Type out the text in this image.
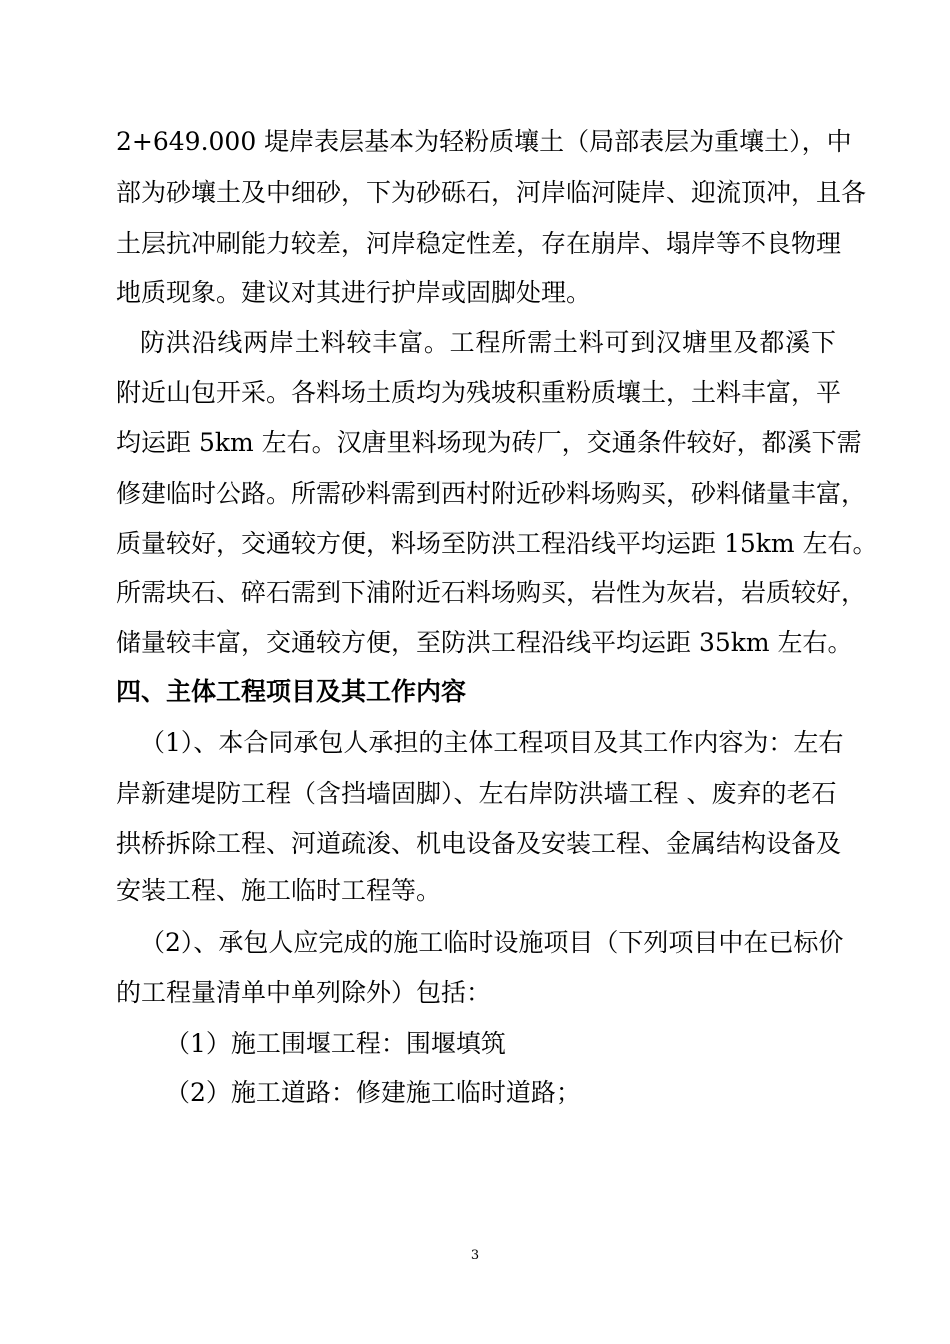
2+649.000 堤岸表层基本为轻粉质壤土（局部表层为重壤土），中
部为砂壤土及中细砂，下为砂砾石，河岸临河陡岸、迎流顶冲，且各
土层抗冲刷能力较差，河岸稳定性差，存在崩岸、塌岸等不良物理
地质现象。建议对其进行护岸或固脚处理。
防洪沿线两岸土料较丰富。工程所需土料可到汉塘里及都溪下
附近山包开采。各料场土质均为残坡积重粉质壤土，土料丰富，平
均运距 5km 左右。汉唐里料场现为砖厂，交通条件较好，都溪下需
修建临时公路。所需砂料需到西村附近砂料场购买，砂料储量丰富，
质量较好，交通较方便，料场至防洪工程沿线平均运距 15km 左右。
所需块石、碎石需到下浦附近石料场购买，岩性为灰岩，岩质较好，
储量较丰富，交通较方便，至防洪工程沿线平均运距 35km 左右。
四、主体工程项目及其工作内容
（1）、本合同承包人承担的主体工程项目及其工作内容为：左右
岸新建堤防工程（含挡墙固脚）、左右岸防洪墙工程 、废弃的老石
拱桥拆除工程、河道疏浚、机电设备及安装工程、金属结构设备及
安装工程、施工临时工程等。
（2）、承包人应完成的施工临时设施项目（下列项目中在已标价
的工程量清单中单列除外）包括：
（1）施工围堰工程：围堰填筑
（2）施工道路：修建施工临时道路；
3
